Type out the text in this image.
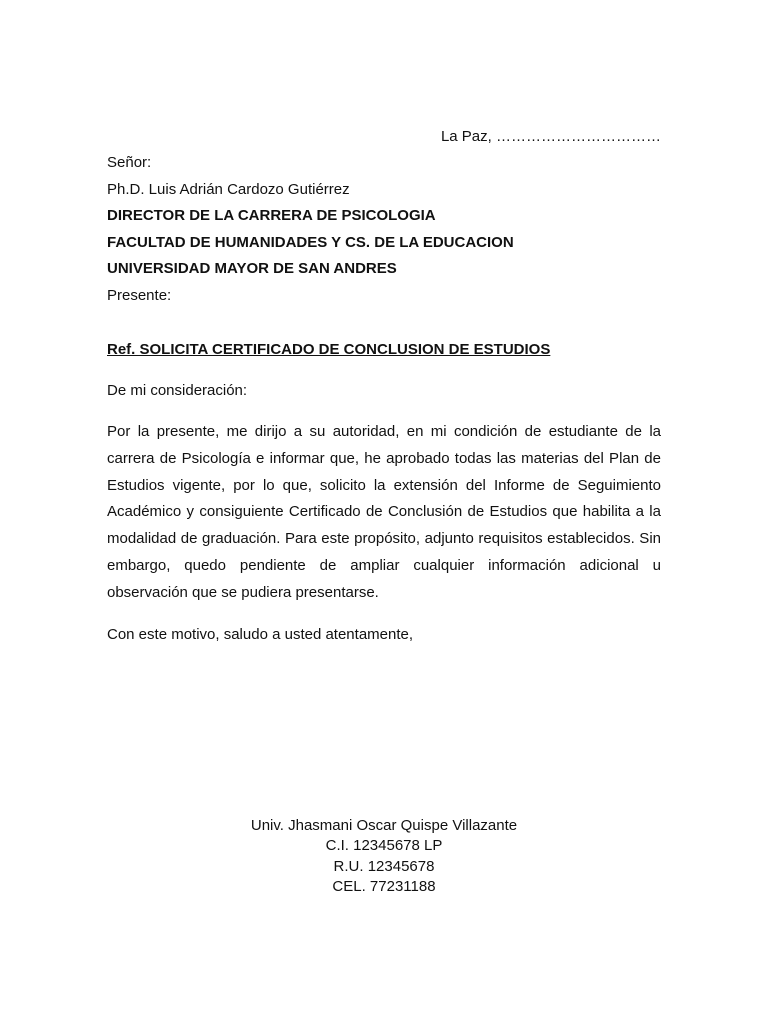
La Paz, ……………………………

Señor:

Ph.D. Luis Adrián Cardozo Gutiérrez

DIRECTOR DE LA CARRERA DE PSICOLOGIA

FACULTAD DE HUMANIDADES Y CS. DE LA EDUCACION

UNIVERSIDAD MAYOR DE SAN ANDRES

Presente:

Ref. SOLICITA CERTIFICADO DE CONCLUSION DE ESTUDIOS

De mi consideración:

Por la presente, me dirijo a su autoridad, en mi condición de estudiante de la carrera de Psicología e informar que, he aprobado todas las materias del Plan de Estudios vigente, por lo que, solicito la extensión del Informe de Seguimiento Académico y consiguiente Certificado de Conclusión de Estudios que habilita a la modalidad de graduación. Para este propósito, adjunto requisitos establecidos. Sin embargo, quedo pendiente de ampliar cualquier información adicional u observación que se pudiera presentarse.

Con este motivo, saludo a usted atentamente,

Univ. Jhasmani Oscar Quispe Villazante
C.I. 12345678 LP
R.U. 12345678
CEL. 77231188
